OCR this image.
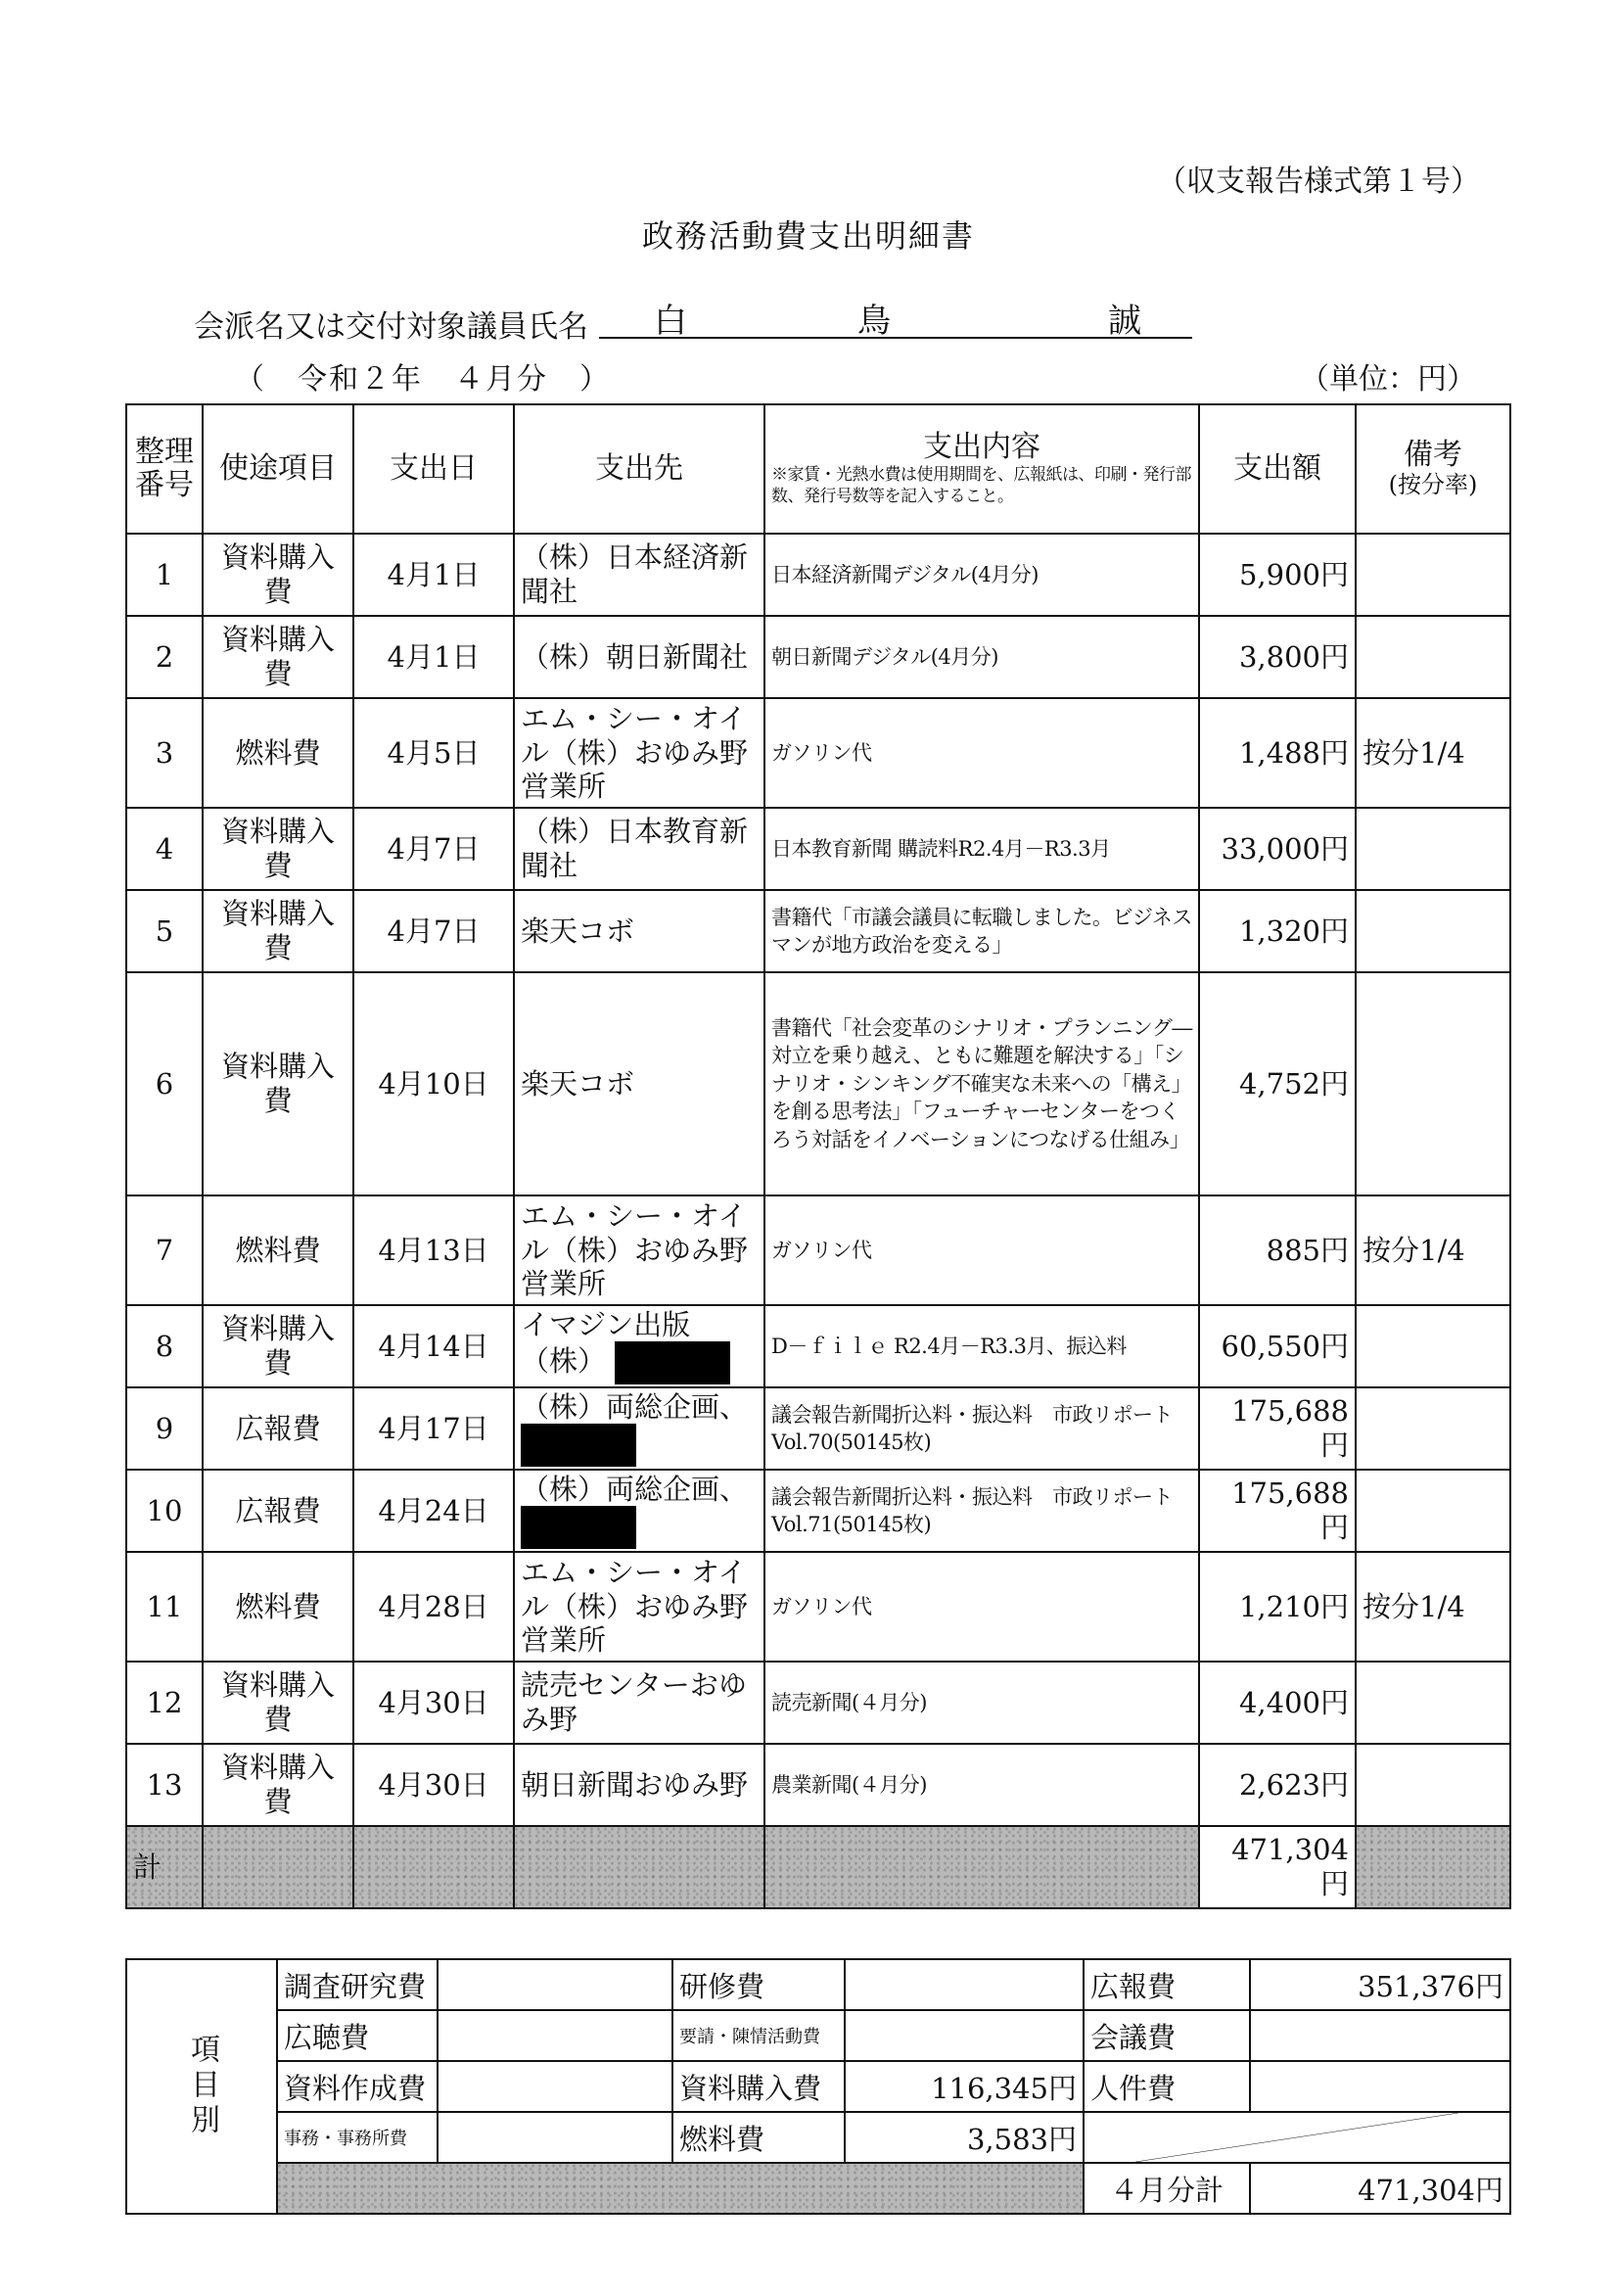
（収支報告様式第１号）
政務活動費支出明細書
会派名又は交付対象議員氏名 白	鳥	誠
（　令和２年　４月分　）	（単位：円）
整理番号	使途項目	支出日	支出先	支出内容
※家賃・光熱水費は使用期間を、広報紙は、印刷・発行部数、発行号数等を記入すること。	支出額	備考
(按分率)

1	資料購入費	4月1日	（株）日本経済新聞社	日本経済新聞デジタル(4月分)	5,900円	
2	資料購入費	4月1日	（株）朝日新聞社	朝日新聞デジタル(4月分)	3,800円	
3	燃料費	4月5日	エム・シー・オイル（株）おゆみ野営業所	ガソリン代	1,488円	按分1/4
4	資料購入費	4月7日	（株）日本教育新聞社	日本教育新聞 購読料R2.4月－R3.3月	33,000円	
5	資料購入費	4月7日	楽天コボ	書籍代「市議会議員に転職しました。ビジネスマンが地方政治を変える」	1,320円	
6	資料購入費	4月10日	楽天コボ	書籍代「社会変革のシナリオ・プランニング―対立を乗り越え、ともに難題を解決する」「シナリオ・シンキング不確実な未来への「構え」を創る思考法」「フューチャーセンターをつくろう対話をイノベーションにつなげる仕組み」	4,752円	
7	燃料費	4月13日	エム・シー・オイル（株）おゆみ野営業所	ガソリン代	885円	按分1/4
8	資料購入費	4月14日	イマジン出版（株）	D－ｆｉｌｅ R2.4月－R3.3月、振込料	60,550円	
9	広報費	4月17日	（株）両総企画、	議会報告新聞折込料・振込料　市政リポートVol.70(50145枚)	175,688円	
10	広報費	4月24日	（株）両総企画、	議会報告新聞折込料・振込料　市政リポートVol.71(50145枚)	175,688円	
11	燃料費	4月28日	エム・シー・オイル（株）おゆみ野営業所	ガソリン代	1,210円	按分1/4
12	資料購入費	4月30日	読売センターおゆみ野	読売新聞(４月分)	4,400円	
13	資料購入費	4月30日	朝日新聞おゆみ野	農業新聞(４月分)	2,623円	
計					471,304円	
項目別	調査研究費		研修費		広報費	351,376円
	広聴費		要請・陳情活動費		会議費	
	資料作成費		資料購入費	116,345円	人件費	
	事務・事務所費		燃料費	3,583円	

					４月分計	471,304円
